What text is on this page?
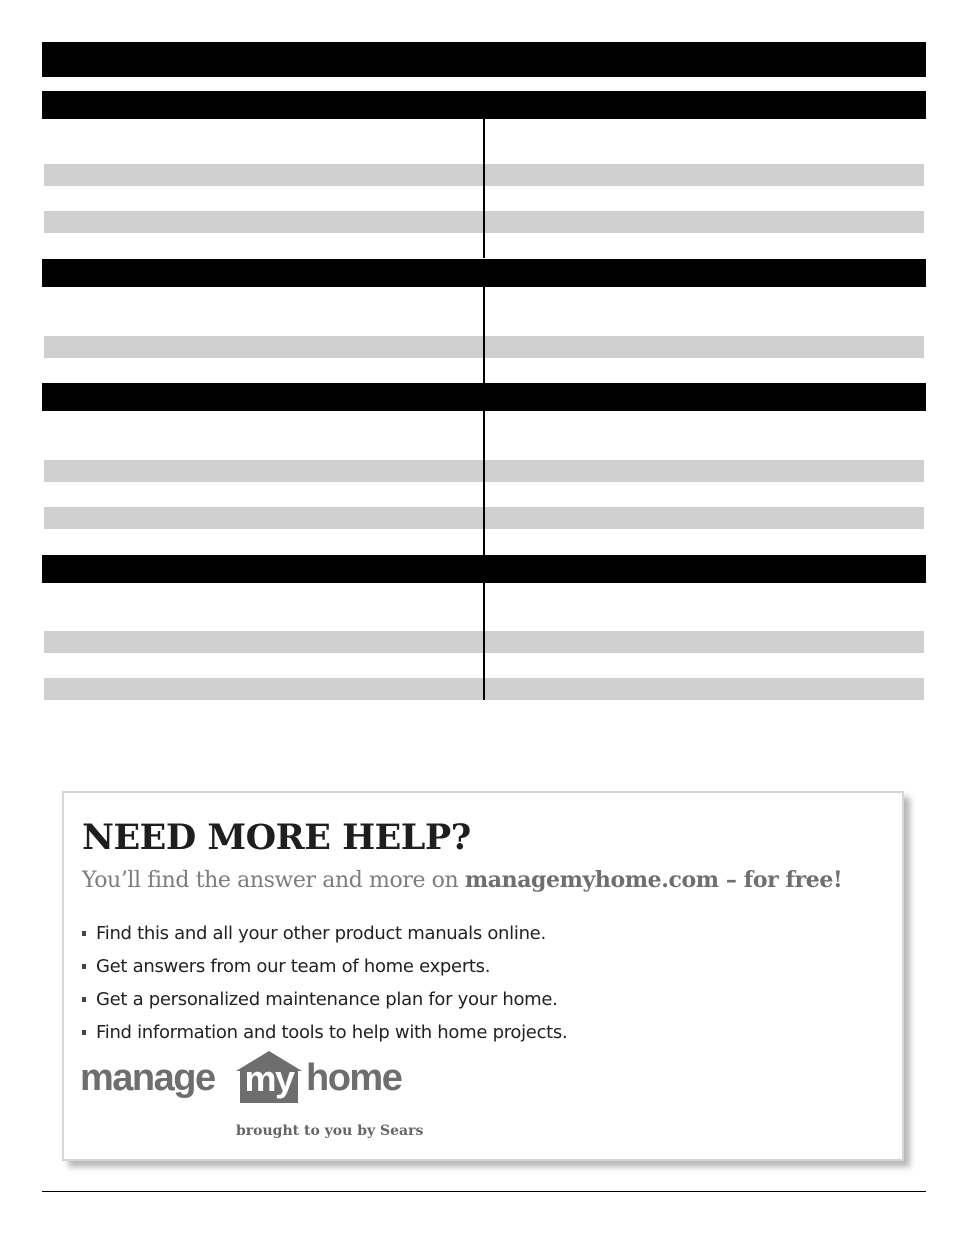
NEED MORE HELP?

You’ll find the answer and more on managemyhome.com – for free!

Find this and all your other product manuals online.
Get answers from our team of home experts.
Get a personalized maintenance plan for your home.
Find information and tools to help with home projects.
manage my home

brought to you by Sears
